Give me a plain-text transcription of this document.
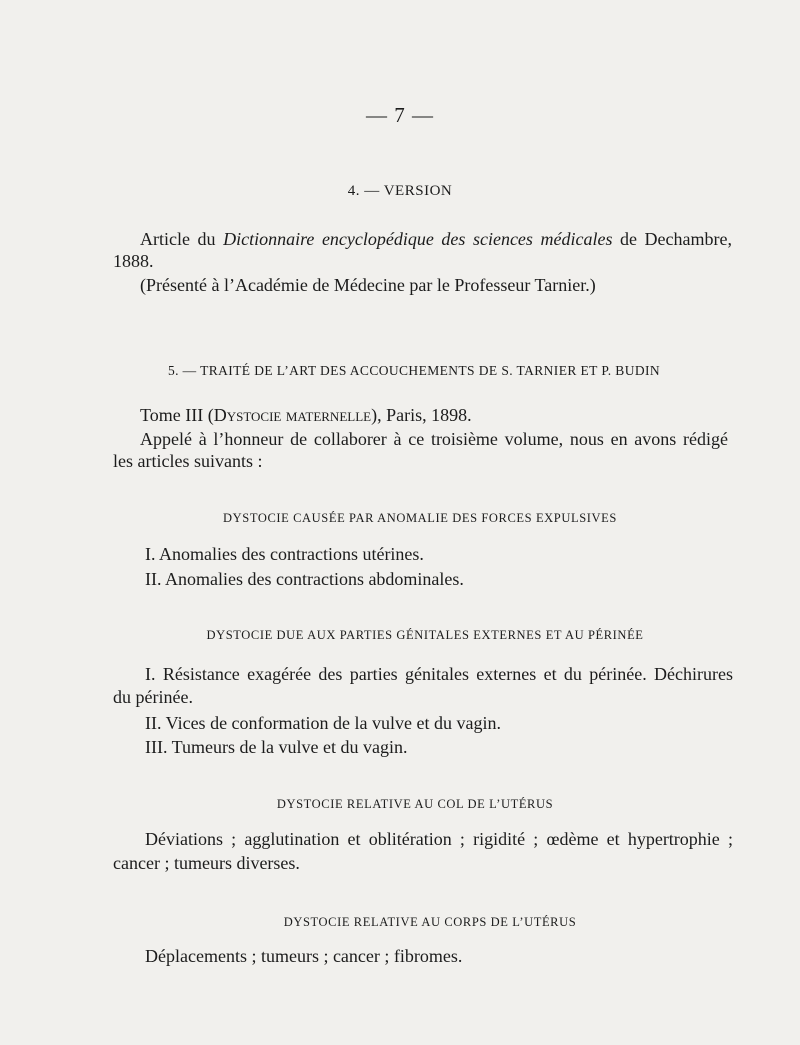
— 7 —
4. — VERSION
Article du Dictionnaire encyclopédique des sciences médicales de Dechambre,
1888.
(Présenté à l’Académie de Médecine par le Professeur Tarnier.)
5. — TRAITÉ DE L’ART DES ACCOUCHEMENTS DE S. TARNIER ET P. BUDIN
Tome III (Dystocie maternelle), Paris, 1898.
Appelé à l’honneur de collaborer à ce troisième volume, nous en avons rédigé
les articles suivants :
DYSTOCIE CAUSÉE PAR ANOMALIE DES FORCES EXPULSIVES
I. Anomalies des contractions utérines.
II. Anomalies des contractions abdominales.
DYSTOCIE DUE AUX PARTIES GÉNITALES EXTERNES ET AU PÉRINÉE
I. Résistance exagérée des parties génitales externes et du périnée. Déchirures
du périnée.
II. Vices de conformation de la vulve et du vagin.
III. Tumeurs de la vulve et du vagin.
DYSTOCIE RELATIVE AU COL DE L’UTÉRUS
Déviations ; agglutination et oblitération ; rigidité ; œdème et hypertrophie ;
cancer ; tumeurs diverses.
DYSTOCIE RELATIVE AU CORPS DE L’UTÉRUS
Déplacements ; tumeurs ; cancer ; fibromes.
